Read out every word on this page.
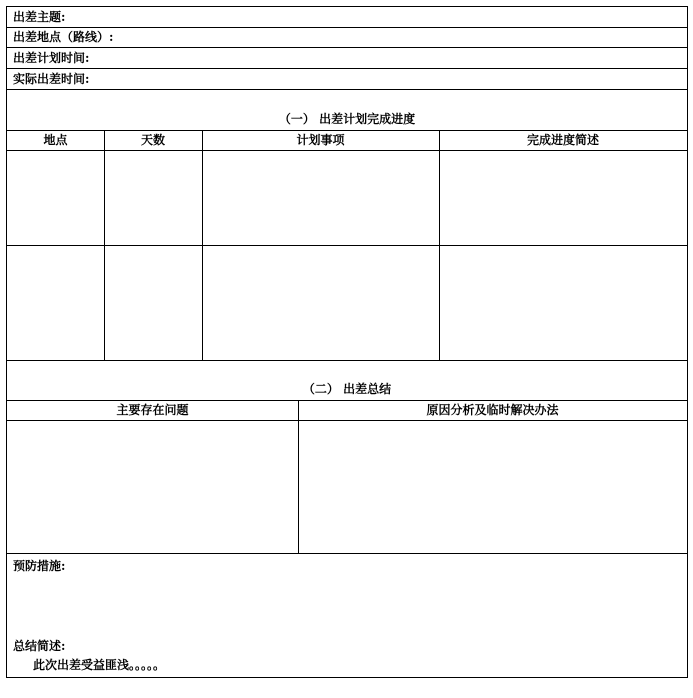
出差主题:
出差地点（路线）:
出差计划时间:
实际出差时间:
（一） 出差计划完成进度
地点	天数	计划事项	完成进度简述
（二） 出差总结
主要存在问题	原因分析及临时解决办法
预防措施:
总结简述:
此次出差受益匪浅。。。。。
